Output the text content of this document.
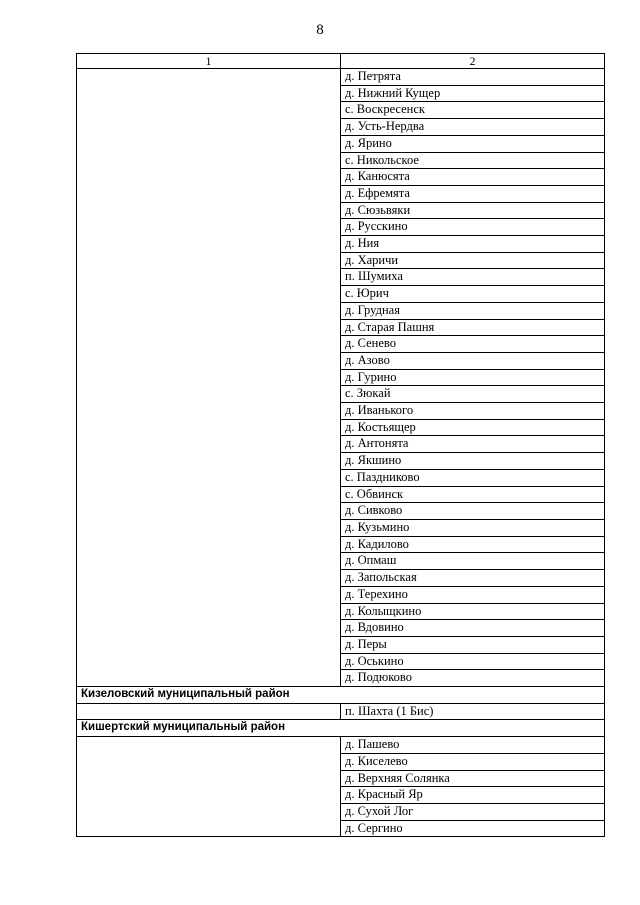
8
1	2
	д. Петрята
	д. Нижний Кущер
	с. Воскресенск
	д. Усть-Нердва
	д. Ярино
	с. Никольское
	д. Канюсята
	д. Ефремята
	д. Сюзьвяки
	д. Русскино
	д. Ния
	д. Харичи
	п. Шумиха
	с. Юрич
	д. Грудная
	д. Старая Пашня
	д. Сенево
	д. Азово
	д. Гурино
	с. Зюкай
	д. Иванького
	д. Костьящер
	д. Антонята
	д. Якшино
	с. Паздниково
	с. Обвинск
	д. Сивково
	д. Кузьмино
	д. Кадилово
	д. Опмаш
	д. Запольская
	д. Терехино
	д. Колыщкино
	д. Вдовино
	д. Перы
	д. Оськино
	д. Подюково
Кизеловский муниципальный район	
	п. Шахта (1 Бис)
Кишертский муниципальный район	
	д. Пашево
	д. Киселево
	д. Верхняя Солянка
	д. Красный Яр
	д. Сухой Лог
	д. Сергино
